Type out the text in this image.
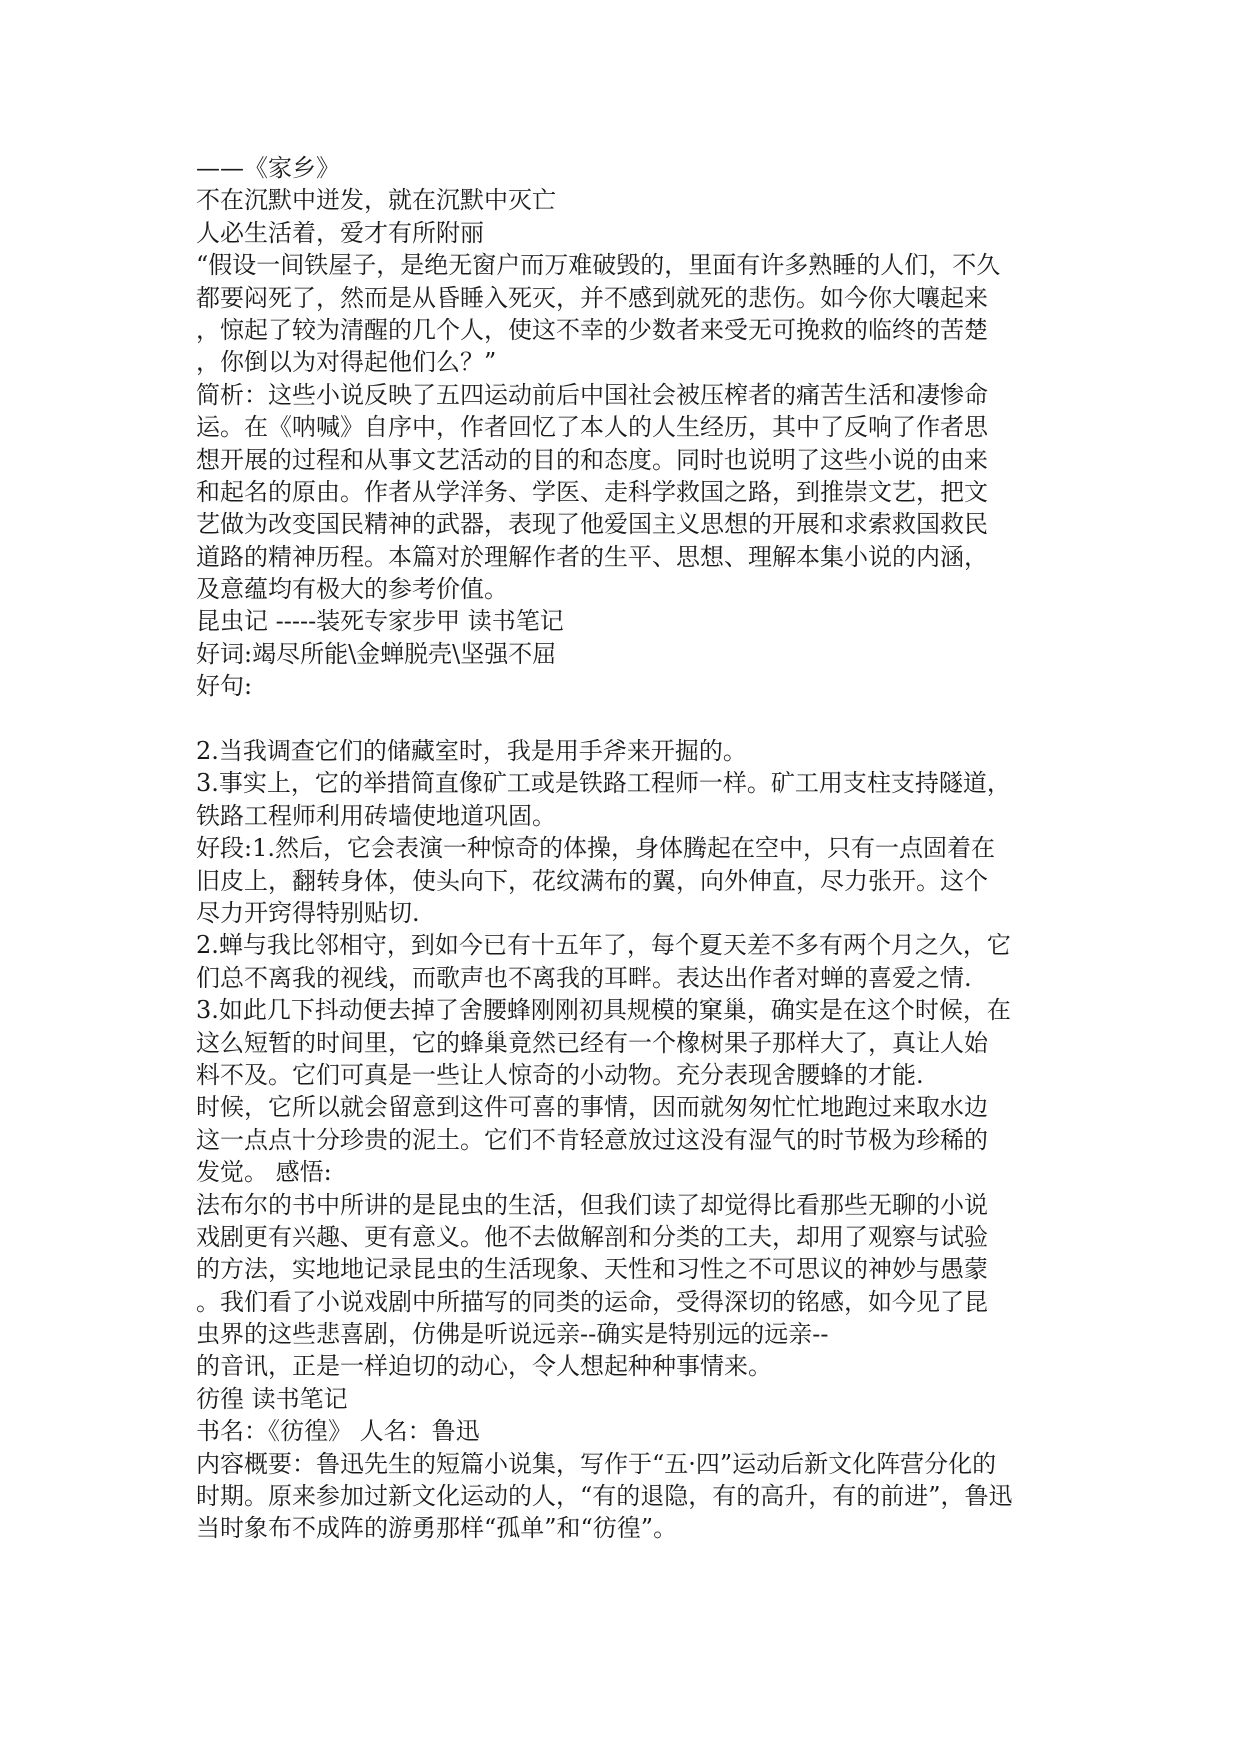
——《家乡》
不在沉默中迸发，就在沉默中灭亡
人必生活着，爱才有所附丽
“假设一间铁屋子，是绝无窗户而万难破毁的，里面有许多熟睡的人们，不久
都要闷死了，然而是从昏睡入死灭，并不感到就死的悲伤。如今你大嚷起来
，惊起了较为清醒的几个人，使这不幸的少数者来受无可挽救的临终的苦楚
，你倒以为对得起他们么？”
简析：这些小说反映了五四运动前后中国社会被压榨者的痛苦生活和凄惨命
运。在《呐喊》自序中，作者回忆了本人的人生经历，其中了反响了作者思
想开展的过程和从事文艺活动的目的和态度。同时也说明了这些小说的由来
和起名的原由。作者从学洋务、学医、走科学救国之路，到推崇文艺，把文
艺做为改变国民精神的武器，表现了他爱国主义思想的开展和求索救国救民
道路的精神历程。本篇对於理解作者的生平、思想、理解本集小说的内涵，
及意蕴均有极大的参考价值。
昆虫记 -----装死专家步甲 读书笔记
好词:竭尽所能\金蝉脱壳\坚强不屈
好句:
2.当我调查它们的储藏室时，我是用手斧来开掘的。
3.事实上，它的举措简直像矿工或是铁路工程师一样。矿工用支柱支持隧道，
铁路工程师利用砖墙使地道巩固。
好段:1.然后，它会表演一种惊奇的体操，身体腾起在空中，只有一点固着在
旧皮上，翻转身体，使头向下，花纹满布的翼，向外伸直，尽力张开。这个
尽力开窍得特别贴切.
2.蝉与我比邻相守，到如今已有十五年了，每个夏天差不多有两个月之久，它
们总不离我的视线，而歌声也不离我的耳畔。表达出作者对蝉的喜爱之情.
3.如此几下抖动便去掉了舍腰蜂刚刚初具规模的窠巢，确实是在这个时候，在
这么短暂的时间里，它的蜂巢竟然已经有一个橡树果子那样大了，真让人始
料不及。它们可真是一些让人惊奇的小动物。充分表现舍腰蜂的才能.
时候，它所以就会留意到这件可喜的事情，因而就匆匆忙忙地跑过来取水边
这一点点十分珍贵的泥土。它们不肯轻意放过这没有湿气的时节极为珍稀的
发觉。 感悟:
法布尔的书中所讲的是昆虫的生活，但我们读了却觉得比看那些无聊的小说
戏剧更有兴趣、更有意义。他不去做解剖和分类的工夫，却用了观察与试验
的方法，实地地记录昆虫的生活现象、天性和习性之不可思议的神妙与愚蒙
。我们看了小说戏剧中所描写的同类的运命，受得深切的铭感，如今见了昆
虫界的这些悲喜剧，仿佛是听说远亲--确实是特别远的远亲--
的音讯，正是一样迫切的动心，令人想起种种事情来。
彷徨 读书笔记
书名：《彷徨》 人名：鲁迅
内容概要：鲁迅先生的短篇小说集，写作于“五·四”运动后新文化阵营分化的
时期。原来参加过新文化运动的人，“有的退隐，有的高升，有的前进”，鲁迅
当时象布不成阵的游勇那样“孤单”和“彷徨”。
